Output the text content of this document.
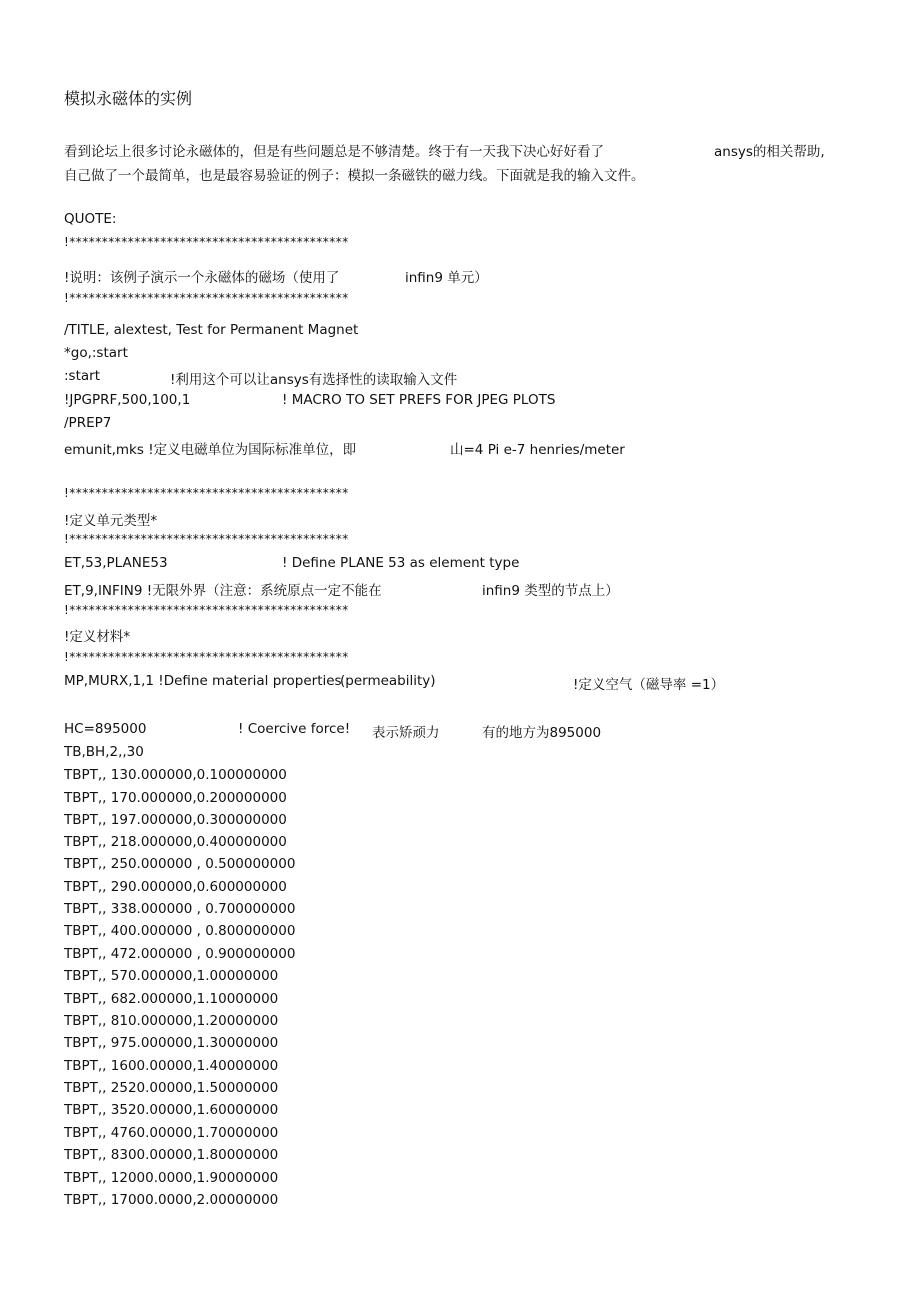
模拟永磁体的实例
看到论坛上很多讨论永磁体的，但是有些问题总是不够清楚。终于有一天我下决心好好看了	ansys的相关帮助,
自己做了一个最简单，也是最容易验证的例子：模拟一条磁铁的磁力线。下面就是我的输入文件。
QUOTE:
!*******************************************
!说明：该例子演示一个永磁体的磁场（使用了	infin9 单元）
!*******************************************
/TITLE, alextest, Test for Permanent Magnet
*go,:start
:start	!利用这个可以让ansys有选择性的读取输入文件
!JPGPRF,500,100,1	! MACRO TO SET PREFS FOR JPEG PLOTS
/PREP7
emunit,mks !定义电磁单位为国际标准单位，即	山=4 Pi e-7 henries/meter
!*******************************************
!定义单元类型*
!*******************************************
ET,53,PLANE53	! Define PLANE 53 as element type
ET,9,INFIN9 !无限外界（注意：系统原点一定不能在	infin9 类型的节点上）
!*******************************************
!定义材料*
!*******************************************
MP,MURX,1,1 !Define material properties
(permeability)	!定义空气（磁导率 =1）
HC=895000	! Coercive force! 表示矫顽力	有的地方为895000
TB,BH,2,,30
TBPT,, 130.000000,0.100000000
TBPT,, 170.000000,0.200000000
TBPT,, 197.000000,0.300000000
TBPT,, 218.000000,0.400000000
TBPT,, 250.000000 , 0.500000000
TBPT,, 290.000000,0.600000000
TBPT,, 338.000000 , 0.700000000
TBPT,, 400.000000 , 0.800000000
TBPT,, 472.000000 , 0.900000000
TBPT,, 570.000000,1.00000000
TBPT,, 682.000000,1.10000000
TBPT,, 810.000000,1.20000000
TBPT,, 975.000000,1.30000000
TBPT,, 1600.00000,1.40000000
TBPT,, 2520.00000,1.50000000
TBPT,, 3520.00000,1.60000000
TBPT,, 4760.00000,1.70000000
TBPT,, 8300.00000,1.80000000
TBPT,, 12000.0000,1.90000000
TBPT,, 17000.0000,2.00000000
